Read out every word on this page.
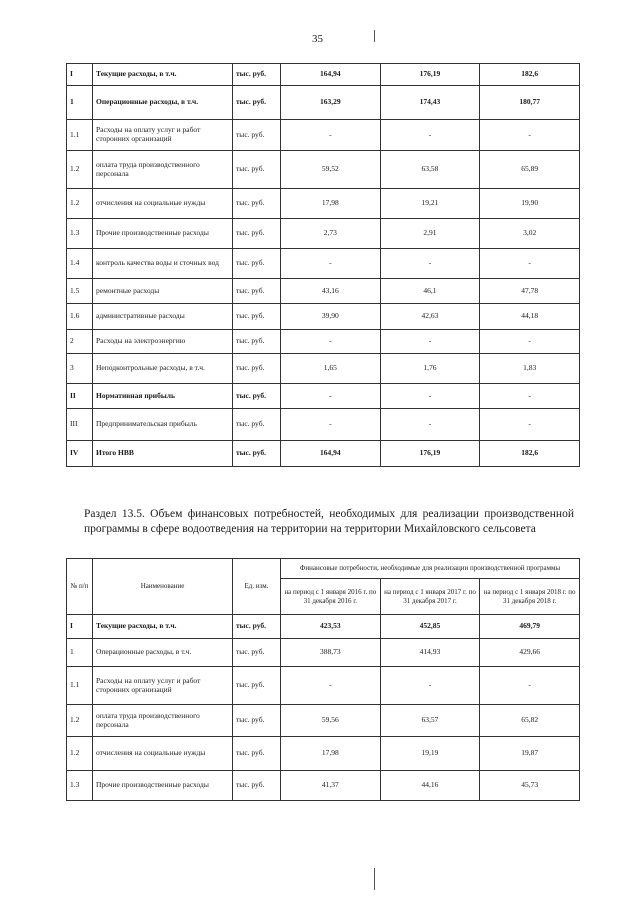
35
I	Текущие расходы, в т.ч.	тыс. руб.	164,94	176,19	182,6
1	Операционные расходы, в т.ч.	тыс. руб.	163,29	174,43	180,77
1.1	Расходы на оплату услуг и работ сторонних организаций	тыс. руб.	-	-	-
1.2	оплата труда производственного персонала	тыс. руб.	59,52	63,58	65,89
1.2	отчисления на социальные нужды	тыс. руб.	17,98	19,21	19,90
1.3	Прочие производственные расходы	тыс. руб.	2,73	2,91	3,02
1.4	контроль качества воды и сточных вод	тыс. руб.	-	-	-
1.5	ремонтные расходы	тыс. руб.	43,16	46,1	47,78
1.6	административные расходы	тыс. руб.	39,90	42,63	44,18
2	Расходы на электроэнергию	тыс. руб.	-	-	-
3	Неподконтрольные расходы, в т.ч.	тыс. руб.	1,65	1,76	1,83
II	Нормативная прибыль	тыс. руб.	-	-	-
III	Предпринимательская прибыль	тыс. руб.	-	-	-
IV	Итого НВВ	тыс. руб.	164,94	176,19	182,6
Раздел 13.5. Объем финансовых потребностей, необходимых для реализации производственной программы в сфере водоотведения на территории на территории Михайловского сельсовета
№ п/п	Наименование	Ед. изм.	Финансовые потребности, необходимые для реализации производственной программы		
			на период с 1 января 2016 г. по 31 декабря 2016 г.	на период с 1 января 2017 г. по 31 декабря 2017 г.	на период с 1 января 2018 г. по 31 декабря 2018 г.
I	Текущие расходы, в т.ч.	тыс. руб.	423,53	452,85	469,79
1	Операционные расходы, в т.ч.	тыс. руб.	388,73	414,93	429,66
1.1	Расходы на оплату услуг и работ сторонних организаций	тыс. руб.	-	-	-
1.2	оплата труда производственного персонала	тыс. руб.	59,56	63,57	65,82
1.2	отчисления на социальные нужды	тыс. руб.	17,98	19,19	19,87
1.3	Прочие производственные расходы	тыс. руб.	41,37	44,16	45,73
